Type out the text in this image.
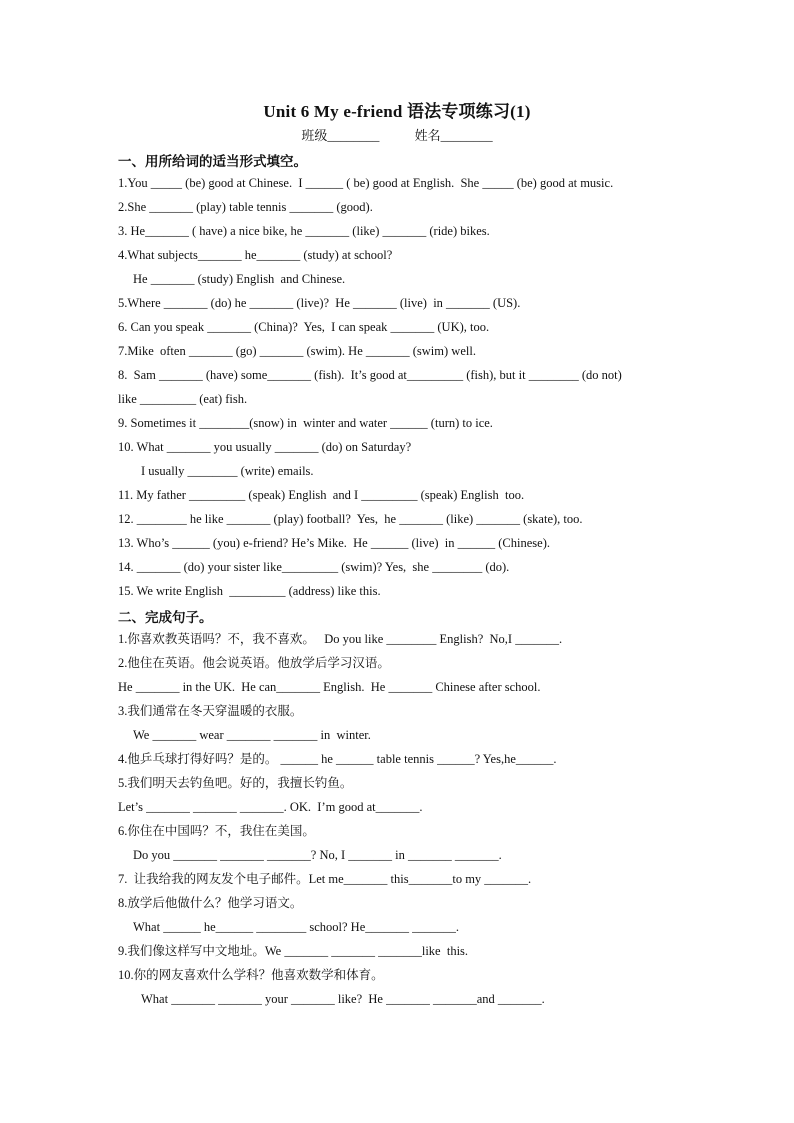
Unit 6 My e-friend 语法专项练习(1)
班级________	姓名________
一、用所给词的适当形式填空。
1.You _____ (be) good at Chinese.  I ______ ( be) good at English.  She _____ (be) good at music.
2.She _______ (play) table tennis _______ (good).
3. He_______ ( have) a nice bike, he _______ (like) _______ (ride) bikes.
4.What subjects_______ he_______ (study) at school?
He _______ (study) English  and Chinese.
5.Where _______ (do) he _______ (live)?  He _______ (live)  in _______ (US).
6. Can you speak _______ (China)?  Yes,  I can speak _______ (UK), too.
7.Mike  often _______ (go) _______ (swim). He _______ (swim) well.
8.  Sam _______ (have) some_______ (fish).  It’s good at_________ (fish), but it ________ (do not)
like _________ (eat) fish.
9. Sometimes it ________(snow) in  winter and water ______ (turn) to ice.
10. What _______ you usually _______ (do) on Saturday?
I usually ________ (write) emails.
11. My father _________ (speak) English  and I _________ (speak) English  too.
12. ________ he like _______ (play) football?  Yes,  he _______ (like) _______ (skate), too.
13. Who’s ______ (you) e-friend? He’s Mike.  He ______ (live)  in ______ (Chinese).
14. _______ (do) your sister like_________ (swim)? Yes,  she ________ (do).
15. We write English  _________ (address) like this.
二、完成句子。
1.你喜欢教英语吗？不，我不喜欢。   Do you like ________ English?  No,I _______.
2.他住在英语。他会说英语。他放学后学习汉语。
He _______ in the UK.  He can_______ English.  He _______ Chinese after school.
3.我们通常在冬天穿温暖的衣服。
We _______ wear _______ _______ in  winter.
4.他乒乓球打得好吗？是的。 ______ he ______ table tennis ______? Yes,he______.
5.我们明天去钓鱼吧。好的，我擅长钓鱼。
Let’s _______ _______ _______. OK.  I’m good at_______.
6.你住在中国吗？不，我住在美国。
Do you _______ _______ _______? No, I _______ in _______ _______.
7.  让我给我的网友发个电子邮件。Let me_______ this_______to my _______.
8.放学后他做什么？他学习语文。
What ______ he______ ________ school? He_______ _______.
9.我们像这样写中文地址。We _______ _______ _______like  this.
10.你的网友喜欢什么学科？他喜欢数学和体育。
What _______ _______ your _______ like?  He _______ _______and _______.
